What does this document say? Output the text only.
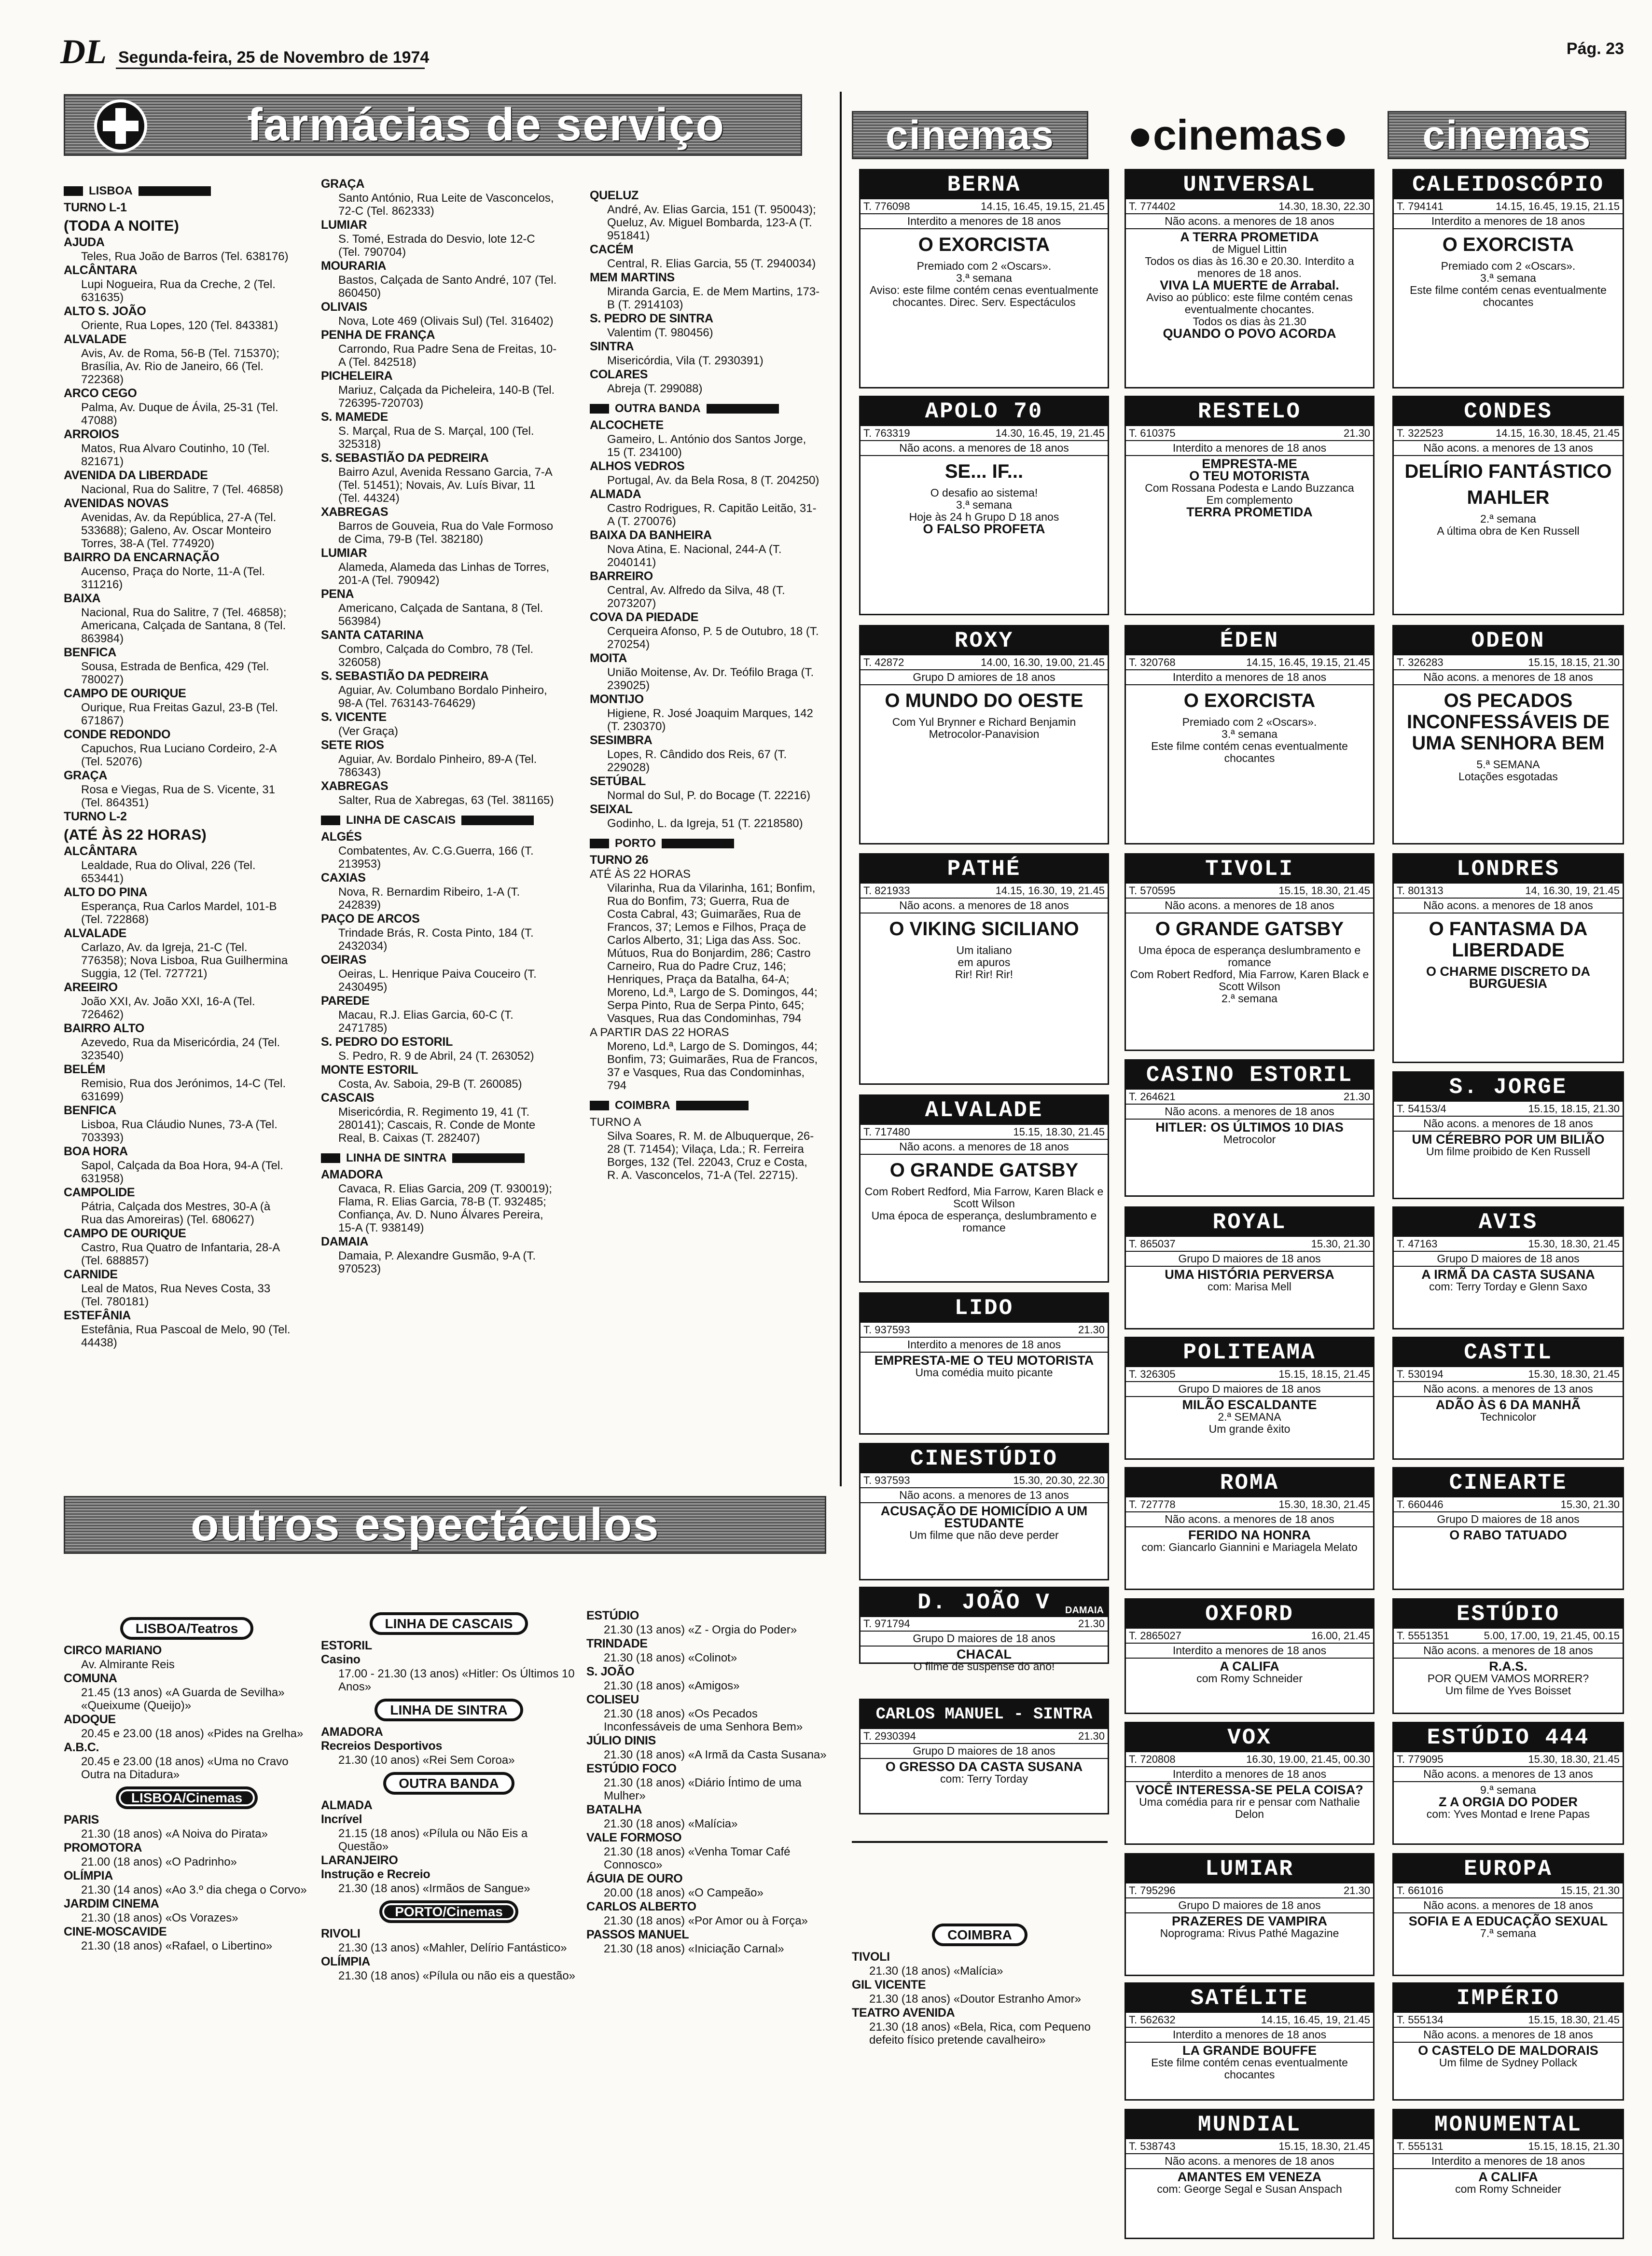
DL Segunda-feira, 25 de Novembro de 1974	Pág. 23
farmácias de serviço

LISBOA

TURNO L-1

(TODA A NOITE)

AJUDA

Teles, Rua João de Barros (Tel. 638176)

ALCÂNTARA

Lupi Nogueira, Rua da Creche, 2 (Tel. 631635)

ALTO S. JOÃO

Oriente, Rua Lopes, 120 (Tel. 843381)

ALVALADE

Avis, Av. de Roma, 56-B (Tel. 715370); Brasília, Av. Rio de Janeiro, 66 (Tel. 722368)

ARCO CEGO

Palma, Av. Duque de Ávila, 25-31 (Tel. 47088)

ARROIOS

Matos, Rua Alvaro Coutinho, 10 (Tel. 821671)

AVENIDA DA LIBERDADE

Nacional, Rua do Salitre, 7 (Tel. 46858)

AVENIDAS NOVAS

Avenidas, Av. da República, 27-A (Tel. 533688); Galeno, Av. Oscar Monteiro Torres, 38-A (Tel. 774920)

BAIRRO DA ENCARNAÇÃO

Aucenso, Praça do Norte, 11-A (Tel. 311216)

BAIXA

Nacional, Rua do Salitre, 7 (Tel. 46858); Americana, Calçada de Santana, 8 (Tel. 863984)

BENFICA

Sousa, Estrada de Benfica, 429 (Tel. 780027)

CAMPO DE OURIQUE

Ourique, Rua Freitas Gazul, 23-B (Tel. 671867)

CONDE REDONDO

Capuchos, Rua Luciano Cordeiro, 2-A (Tel. 52076)

GRAÇA

Rosa e Viegas, Rua de S. Vicente, 31 (Tel. 864351)

TURNO L-2

(ATÉ ÀS 22 HORAS)

ALCÂNTARA

Lealdade, Rua do Olival, 226 (Tel. 653441)

ALTO DO PINA

Esperança, Rua Carlos Mardel, 101-B (Tel. 722868)

ALVALADE

Carlazo, Av. da Igreja, 21-C (Tel. 776358); Nova Lisboa, Rua Guilhermina Suggia, 12 (Tel. 727721)

AREEIRO

João XXI, Av. João XXI, 16-A (Tel. 726462)

BAIRRO ALTO

Azevedo, Rua da Misericórdia, 24 (Tel. 323540)

BELÉM

Remisio, Rua dos Jerónimos, 14-C (Tel. 631699)

BENFICA

Lisboa, Rua Cláudio Nunes, 73-A (Tel. 703393)

BOA HORA

Sapol, Calçada da Boa Hora, 94-A (Tel. 631958)

CAMPOLIDE

Pátria, Calçada dos Mestres, 30-A (à Rua das Amoreiras) (Tel. 680627)

CAMPO DE OURIQUE

Castro, Rua Quatro de Infantaria, 28-A (Tel. 688857)

CARNIDE

Leal de Matos, Rua Neves Costa, 33 (Tel. 780181)

ESTEFÂNIA

Estefânia, Rua Pascoal de Melo, 90 (Tel. 44438)

GRAÇA

Santo António, Rua Leite de Vasconcelos, 72-C (Tel. 862333)

LUMIAR

S. Tomé, Estrada do Desvio, lote 12-C (Tel. 790704)

MOURARIA

Bastos, Calçada de Santo André, 107 (Tel. 860450)

OLIVAIS

Nova, Lote 469 (Olivais Sul) (Tel. 316402)

PENHA DE FRANÇA

Carrondo, Rua Padre Sena de Freitas, 10-A (Tel. 842518)

PICHELEIRA

Mariuz, Calçada da Picheleira, 140-B (Tel. 726395-720703)

S. MAMEDE

S. Marçal, Rua de S. Marçal, 100 (Tel. 325318)

S. SEBASTIÃO DA PEDREIRA

Bairro Azul, Avenida Ressano Garcia, 7-A (Tel. 51451); Novais, Av. Luís Bivar, 11 (Tel. 44324)

XABREGAS

Barros de Gouveia, Rua do Vale Formoso de Cima, 79-B (Tel. 382180)

LUMIAR

Alameda, Alameda das Linhas de Torres, 201-A (Tel. 790942)

PENA

Americano, Calçada de Santana, 8 (Tel. 563984)

SANTA CATARINA

Combro, Calçada do Combro, 78 (Tel. 326058)

S. SEBASTIÃO DA PEDREIRA

Aguiar, Av. Columbano Bordalo Pinheiro, 98-A (Tel. 763143-764629)

S. VICENTE

(Ver Graça)

SETE RIOS

Aguiar, Av. Bordalo Pinheiro, 89-A (Tel. 786343)

XABREGAS

Salter, Rua de Xabregas, 63 (Tel. 381165)

LINHA DE CASCAIS

ALGÉS

Combatentes, Av. C.G.Guerra, 166 (T. 213953)

CAXIAS

Nova, R. Bernardim Ribeiro, 1-A (T. 242839)

PAÇO DE ARCOS

Trindade Brás, R. Costa Pinto, 184 (T. 2432034)

OEIRAS

Oeiras, L. Henrique Paiva Couceiro (T. 2430495)

PAREDE

Macau, R.J. Elias Garcia, 60-C (T. 2471785)

S. PEDRO DO ESTORIL

S. Pedro, R. 9 de Abril, 24 (T. 263052)

MONTE ESTORIL

Costa, Av. Saboia, 29-B (T. 260085)

CASCAIS

Misericórdia, R. Regimento 19, 41 (T. 280141); Cascais, R. Conde de Monte Real, B. Caixas (T. 282407)

LINHA DE SINTRA

AMADORA

Cavaca, R. Elias Garcia, 209 (T. 930019); Flama, R. Elias Garcia, 78-B (T. 932485; Confiança, Av. D. Nuno Álvares Pereira, 15-A (T. 938149)

DAMAIA

Damaia, P. Alexandre Gusmão, 9-A (T. 970523)

QUELUZ

André, Av. Elias Garcia, 151 (T. 950043); Queluz, Av. Miguel Bombarda, 123-A (T. 951841)

CACÉM

Central, R. Elias Garcia, 55 (T. 2940034)

MEM MARTINS

Miranda Garcia, E. de Mem Martins, 173-B (T. 2914103)

S. PEDRO DE SINTRA

Valentim (T. 980456)

SINTRA

Misericórdia, Vila (T. 2930391)

COLARES

Abreja (T. 299088)

OUTRA BANDA

ALCOCHETE

Gameiro, L. António dos Santos Jorge, 15 (T. 234100)

ALHOS VEDROS

Portugal, Av. da Bela Rosa, 8 (T. 204250)

ALMADA

Castro Rodrigues, R. Capitão Leitão, 31-A (T. 270076)

BAIXA DA BANHEIRA

Nova Atina, E. Nacional, 244-A (T. 2040141)

BARREIRO

Central, Av. Alfredo da Silva, 48 (T. 2073207)

COVA DA PIEDADE

Cerqueira Afonso, P. 5 de Outubro, 18 (T. 270254)

MOITA

União Moitense, Av. Dr. Teófilo Braga (T. 239025)

MONTIJO

Higiene, R. José Joaquim Marques, 142 (T. 230370)

SESIMBRA

Lopes, R. Cândido dos Reis, 67 (T. 229028)

SETÚBAL

Normal do Sul, P. do Bocage (T. 22216)

SEIXAL

Godinho, L. da Igreja, 51 (T. 2218580)

PORTO

TURNO 26

ATÉ ÀS 22 HORAS

Vilarinha, Rua da Vilarinha, 161; Bonfim, Rua do Bonfim, 73; Guerra, Rua de Costa Cabral, 43; Guimarães, Rua de Francos, 37; Lemos e Filhos, Praça de Carlos Alberto, 31; Liga das Ass. Soc. Mútuos, Rua do Bonjardim, 286; Castro Carneiro, Rua do Padre Cruz, 146; Henriques, Praça da Batalha, 64-A; Moreno, Ld.ª, Largo de S. Domingos, 44; Serpa Pinto, Rua de Serpa Pinto, 645; Vasques, Rua das Condominhas, 794

A PARTIR DAS 22 HORAS

Moreno, Ld.ª, Largo de S. Domingos, 44; Bonfim, 73; Guimarães, Rua de Francos, 37 e Vasques, Rua das Condominhas, 794

COIMBRA

TURNO A

Silva Soares, R. M. de Albuquerque, 26-28 (T. 71454); Vilaça, Lda.; R. Ferreira Borges, 132 (Tel. 22043, Cruz e Costa, R. A. Vasconcelos, 71-A (Tel. 22715).

cinemas	●cinemas●	cinemas
BERNA
T. 776098	14.15, 16.45, 19.15, 21.45
Interdito a menores de 18 anos
O EXORCISTA
Premiado com 2 «Oscars».
3.ª semana
Aviso: este filme contém cenas eventualmente chocantes. Direc. Serv. Espectáculos
APOLO 70
T. 763319	14.30, 16.45, 19, 21.45
Não acons. a menores de 18 anos
SE... IF...
O desafio ao sistema!
3.ª semana
Hoje às 24 h Grupo D 18 anos
O FALSO PROFETA
ROXY
T. 42872	14.00, 16.30, 19.00, 21.45
Grupo D amiores de 18 anos
O MUNDO DO OESTE
Com Yul Brynner e Richard Benjamin
Metrocolor-Panavision
PATHÉ
T. 821933	14.15, 16.30, 19, 21.45
Não acons. a menores de 18 anos
O VIKING SICILIANO
Um italiano
em apuros
Rir! Rir! Rir!
ALVALADE
T. 717480	15.15, 18.30, 21.45
Não acons. a menores de 18 anos
O GRANDE GATSBY
Com Robert Redford, Mia Farrow, Karen Black e Scott Wilson
Uma época de esperança, deslumbramento e romance
LIDO
T. 937593	21.30
Interdito a menores de 18 anos
EMPRESTA-ME O TEU MOTORISTA
Uma comédia muito picante
CINESTÚDIO
T. 937593	15.30, 20.30, 22.30
Não acons. a menores de 13 anos
ACUSAÇÃO DE HOMICÍDIO A UM ESTUDANTE
Um filme que não deve perder
D. JOÃO V	DAMAIA
T. 971794	21.30
Grupo D maiores de 18 anos
CHACAL
O filme de suspense do ano!
CARLOS MANUEL - SINTRA
T. 2930394	21.30
Grupo D maiores de 18 anos
O GRESSO DA CASTA SUSANA
com: Terry Torday
UNIVERSAL
T. 774402	14.30, 18.30, 22.30
Não acons. a menores de 18 anos
A TERRA PROMETIDA
de Miguel Littin
Todos os dias às 16.30 e 20.30. Interdito a menores de 18 anos.
VIVA LA MUERTE de Arrabal.
Aviso ao público: este filme contém cenas eventualmente chocantes.
Todos os dias às 21.30
QUANDO O POVO ACORDA
RESTELO
T. 610375	21.30
Interdito a menores de 18 anos
EMPRESTA-ME
O TEU MOTORISTA
Com Rossana Podesta e Lando Buzzanca
Em complemento
TERRA PROMETIDA
ÉDEN
T. 320768	14.15, 16.45, 19.15, 21.45
Interdito a menores de 18 anos
O EXORCISTA
Premiado com 2 «Oscars».
3.ª semana
Este filme contém cenas eventualmente chocantes
TIVOLI
T. 570595	15.15, 18.30, 21.45
Não acons. a menores de 18 anos
O GRANDE GATSBY
Uma época de esperança deslumbramento e romance
Com Robert Redford, Mia Farrow, Karen Black e Scott Wilson
2.ª semana
CASINO ESTORIL
T. 264621	21.30
Não acons. a menores de 18 anos
HITLER: OS ÚLTIMOS 10 DIAS
Metrocolor
ROYAL
T. 865037	15.30, 21.30
Grupo D maiores de 18 anos
UMA HISTÓRIA PERVERSA
com: Marisa Mell
POLITEAMA
T. 326305	15.15, 18.15, 21.45
Grupo D maiores de 18 anos
MILÃO ESCALDANTE
2.ª SEMANA
Um grande êxito
ROMA
T. 727778	15.30, 18.30, 21.45
Não acons. a menores de 18 anos
FERIDO NA HONRA
com: Giancarlo Giannini e Mariagela Melato
OXFORD
T. 2865027	16.00, 21.45
Interdito a menores de 18 anos
A CALIFA
com Romy Schneider
VOX
T. 720808	16.30, 19.00, 21.45, 00.30
Interdito a menores de 18 anos
VOCÊ INTERESSA-SE PELA COISA?
Uma comédia para rir e pensar com Nathalie Delon
LUMIAR
T. 795296	21.30
Grupo D maiores de 18 anos
PRAZERES DE VAMPIRA
Noprograma: Rivus Pathé Magazine
SATÉLITE
T. 562632	14.15, 16.45, 19, 21.45
Interdito a menores de 18 anos
LA GRANDE BOUFFE
Este filme contém cenas eventualmente chocantes
MUNDIAL
T. 538743	15.15, 18.30, 21.45
Não acons. a menores de 18 anos
AMANTES EM VENEZA
com: George Segal e Susan Anspach
CALEIDOSCÓPIO
T. 794141	14.15, 16.45, 19.15, 21.15
Interdito a menores de 18 anos
O EXORCISTA
Premiado com 2 «Oscars».
3.ª semana
Este filme contém cenas eventualmente chocantes
CONDES
T. 322523	14.15, 16.30, 18.45, 21.45
Não acons. a menores de 13 anos
DELÍRIO FANTÁSTICO
MAHLER
2.ª semana
A última obra de Ken Russell
ODEON
T. 326283	15.15, 18.15, 21.30
Não acons. a menores de 18 anos
OS PECADOS INCONFESSÁVEIS DE UMA SENHORA BEM
5.ª SEMANA
Lotações esgotadas
LONDRES
T. 801313	14, 16.30, 19, 21.45
Não acons. a menores de 18 anos
O FANTASMA DA LIBERDADE
O CHARME DISCRETO DA BURGUESIA
S. JORGE
T. 54153/4	15.15, 18.15, 21.30
Não acons. a menores de 18 anos
UM CÉREBRO POR UM BILIÃO
Um filme proibido de Ken Russell
AVIS
T. 47163	15.30, 18.30, 21.45
Grupo D maiores de 18 anos
A IRMÃ DA CASTA SUSANA
com: Terry Torday e Glenn Saxo
CASTIL
T. 530194	15.30, 18.30, 21.45
Não acons. a menores de 13 anos
ADÃO ÀS 6 DA MANHÃ
Technicolor
CINEARTE
T. 660446	15.30, 21.30
Grupo D maiores de 18 anos
O RABO TATUADO
ESTÚDIO
T. 5551351	5.00, 17.00, 19, 21.45, 00.15
Não acons. a menores de 18 anos
R.A.S.
POR QUEM VAMOS MORRER?
Um filme de Yves Boisset
ESTÚDIO 444
T. 779095	15.30, 18.30, 21.45
Não acons. a menores de 13 anos
9.ª semana
Z A ORGIA DO PODER
com: Yves Montad e Irene Papas
EUROPA
T. 661016	15.15, 21.30
Não acons. a menores de 18 anos
SOFIA E A EDUCAÇÃO SEXUAL
7.ª semana
IMPÉRIO
T. 555134	15.15, 18.30, 21.45
Não acons. a menores de 18 anos
O CASTELO DE MALDORAIS
Um filme de Sydney Pollack
MONUMENTAL
T. 555131	15.15, 18.15, 21.30
Interdito a menores de 18 anos
A CALIFA
com Romy Schneider
outros espectáculos
LISBOA/Teatros

CIRCO MARIANO

Av. Almirante Reis

COMUNA

21.45 (13 anos) «A Guarda de Sevilha» «Queixume (Queijo)»

ADOQUE

20.45 e 23.00 (18 anos) «Pides na Grelha»

A.B.C.

20.45 e 23.00 (18 anos) «Uma no Cravo Outra na Ditadura»

LISBOA/Cinemas

PARIS

21.30 (18 anos) «A Noiva do Pirata»

PROMOTORA

21.00 (18 anos) «O Padrinho»

OLÍMPIA

21.30 (14 anos) «Ao 3.º dia chega o Corvo»

JARDIM CINEMA

21.30 (18 anos) «Os Vorazes»

CINE-MOSCAVIDE

21.30 (18 anos) «Rafael, o Libertino»

LINHA DE CASCAIS

ESTORIL

Casino

17.00 - 21.30 (13 anos) «Hitler: Os Últimos 10 Anos»

LINHA DE SINTRA

AMADORA

Recreios Desportivos

21.30 (10 anos) «Rei Sem Coroa»

OUTRA BANDA

ALMADA

Incrível

21.15 (18 anos) «Pílula ou Não Eis a Questão»

LARANJEIRO

Instrução e Recreio

21.30 (18 anos) «Irmãos de Sangue»

PORTO/Cinemas

RIVOLI

21.30 (13 anos) «Mahler, Delírio Fantástico»

OLÍMPIA

21.30 (18 anos) «Pílula ou não eis a questão»

ESTÚDIO

21.30 (13 anos) «Z - Orgia do Poder»

TRINDADE

21.30 (18 anos) «Colinot»

S. JOÃO

21.30 (18 anos) «Amigos»

COLISEU

21.30 (18 anos) «Os Pecados Inconfessáveis de uma Senhora Bem»

JÚLIO DINIS

21.30 (18 anos) «A Irmã da Casta Susana»

ESTÚDIO FOCO

21.30 (18 anos) «Diário Íntimo de uma Mulher»

BATALHA

21.30 (18 anos) «Malícia»

VALE FORMOSO

21.30 (18 anos) «Venha Tomar Café Connosco»

ÁGUIA DE OURO

20.00 (18 anos) «O Campeão»

CARLOS ALBERTO

21.30 (18 anos) «Por Amor ou à Força»

PASSOS MANUEL

21.30 (18 anos) «Iniciação Carnal»

COIMBRA

TIVOLI

21.30 (18 anos) «Malícia»

GIL VICENTE

21.30 (18 anos) «Doutor Estranho Amor»

TEATRO AVENIDA

21.30 (18 anos) «Bela, Rica, com Pequeno defeito físico pretende cavalheiro»
